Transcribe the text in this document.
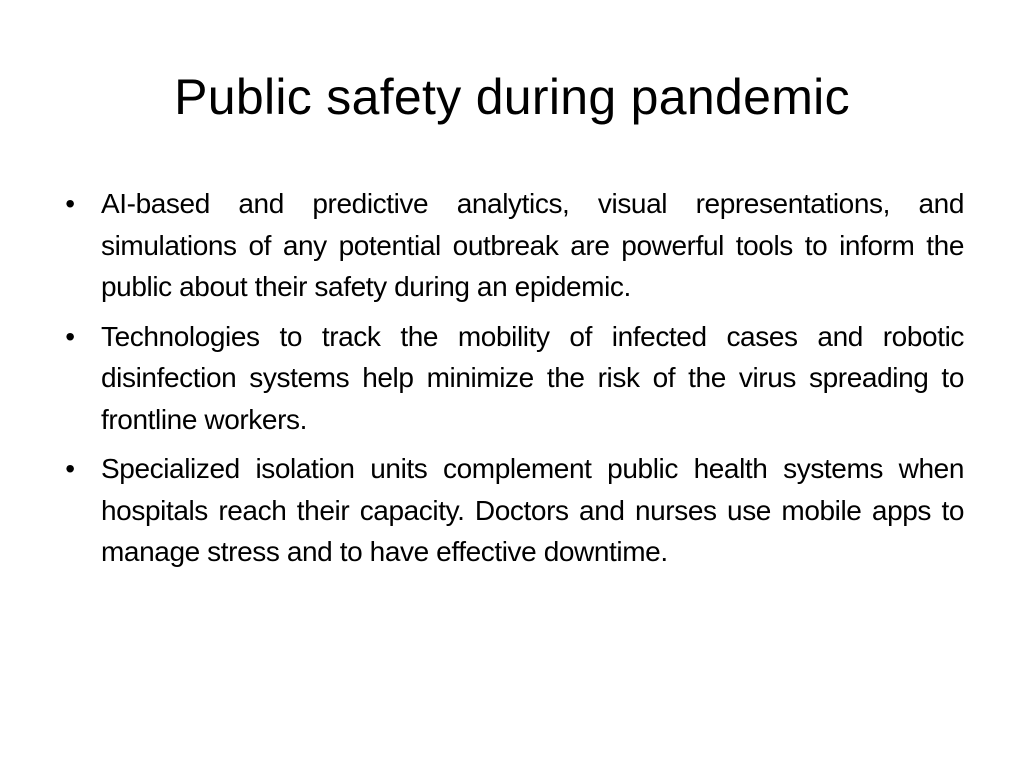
Public safety during pandemic
• AI-based and predictive analytics, visual representations, and simulations of any potential outbreak are powerful tools to inform the public about their safety during an epidemic.
• Technologies to track the mobility of infected cases and robotic disinfection systems help minimize the risk of the virus spreading to frontline workers.
• Specialized isolation units complement public health systems when hospitals reach their capacity. Doctors and nurses use mobile apps to manage stress and to have effective downtime.
